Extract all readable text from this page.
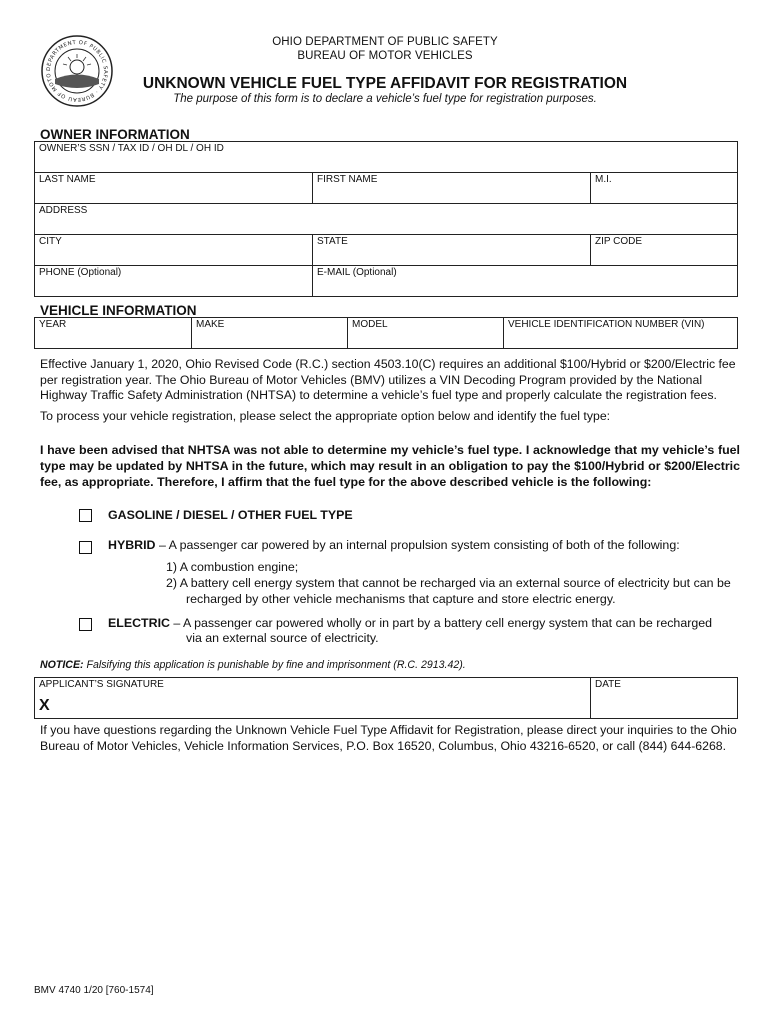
DEPARTMENT OF PUBLIC SAFETY · BUREAU OF MOTO
OHIO DEPARTMENT OF PUBLIC SAFETY
BUREAU OF MOTOR VEHICLES
UNKNOWN VEHICLE FUEL TYPE AFFIDAVIT FOR REGISTRATION
The purpose of this form is to declare a vehicle’s fuel type for registration purposes.
OWNER INFORMATION
OWNER’S SSN / TAX ID / OH DL / OH ID		
LAST NAME	FIRST NAME	M.I.
ADDRESS		
CITY	STATE	ZIP CODE
PHONE (Optional)	E-MAIL (Optional)	
VEHICLE INFORMATION
YEAR	MAKE	MODEL	VEHICLE IDENTIFICATION NUMBER (VIN)
Effective January 1, 2020, Ohio Revised Code (R.C.) section 4503.10(C) requires an additional $100/Hybrid or $200/Electric fee per registration year. The Ohio Bureau of Motor Vehicles (BMV) utilizes a VIN Decoding Program provided by the National Highway Traffic Safety Administration (NHTSA) to determine a vehicle’s fuel type and properly calculate the registration fees.
To process your vehicle registration, please select the appropriate option below and identify the fuel type:
I have been advised that NHTSA was not able to determine my vehicle’s fuel type. I acknowledge that my vehicle’s fuel type may be updated by NHTSA in the future, which may result in an obligation to pay the $100/Hybrid or $200/Electric fee, as appropriate. Therefore, I affirm that the fuel type for the above described vehicle is the following:
GASOLINE / DIESEL / OTHER FUEL TYPE
HYBRID – A passenger car powered by an internal propulsion system consisting of both of the following:
1) A combustion engine;
2) A battery cell energy system that cannot be recharged via an external source of electricity but can be
recharged by other vehicle mechanisms that capture and store electric energy.
ELECTRIC – A passenger car powered wholly or in part by a battery cell energy system that can be recharged
via an external source of electricity.
NOTICE: Falsifying this application is punishable by fine and imprisonment (R.C. 2913.42).
APPLICANT’S SIGNATURE
X
	DATE
If you have questions regarding the Unknown Vehicle Fuel Type Affidavit for Registration, please direct your inquiries to the Ohio Bureau of Motor Vehicles, Vehicle Information Services, P.O. Box 16520, Columbus, Ohio 43216-6520, or call (844) 644-6268.
BMV 4740 1/20 [760-1574]
